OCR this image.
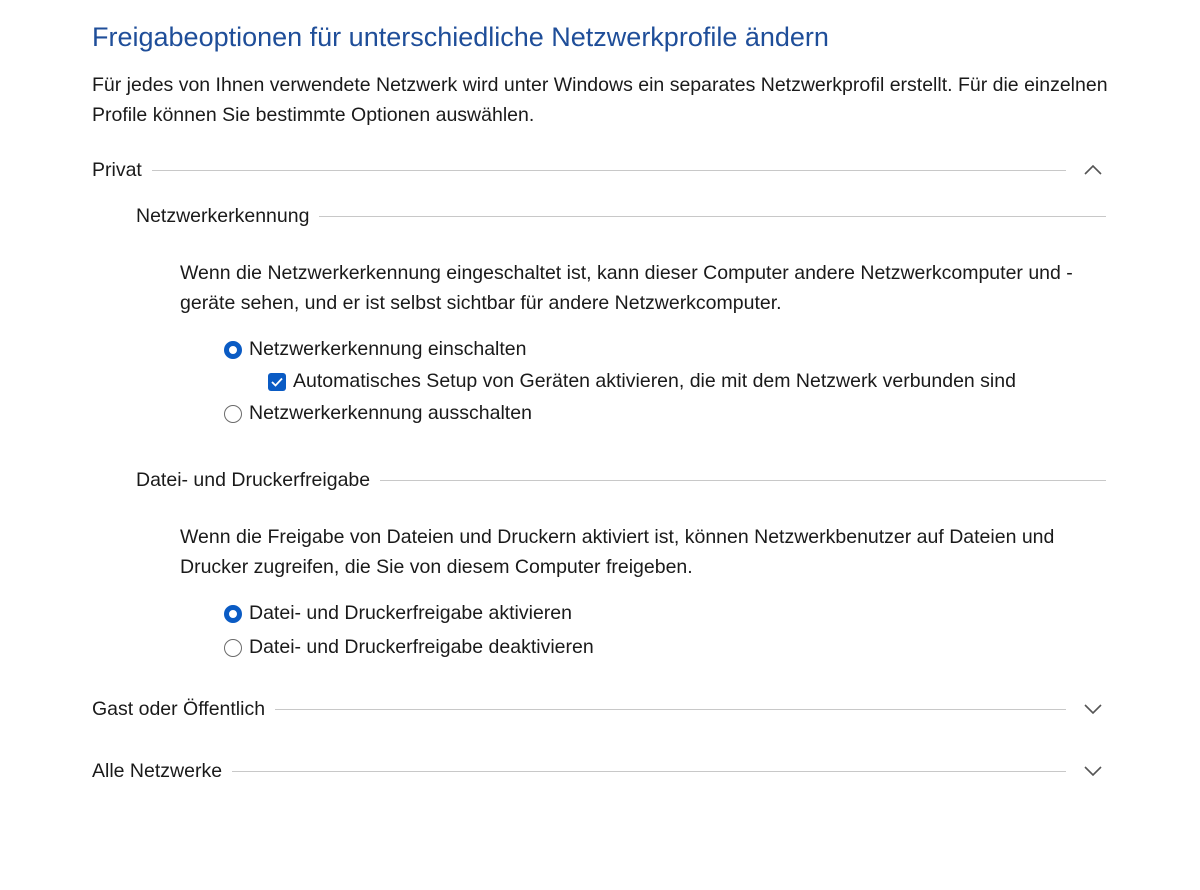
Freigabeoptionen für unterschiedliche Netzwerkprofile ändern

Für jedes von Ihnen verwendete Netzwerk wird unter Windows ein separates Netzwerkprofil erstellt. Für die einzelnen Profile können Sie bestimmte Optionen auswählen.

Privat
Netzwerkerkennung

Wenn die Netzwerkerkennung eingeschaltet ist, kann dieser Computer andere Netzwerkcomputer und -geräte sehen, und er ist selbst sichtbar für andere Netzwerkcomputer.

Netzwerkerkennung einschalten
Automatisches Setup von Geräten aktivieren, die mit dem Netzwerk verbunden sind
Netzwerkerkennung ausschalten
Datei- und Druckerfreigabe

Wenn die Freigabe von Dateien und Druckern aktiviert ist, können Netzwerkbenutzer auf Dateien und Drucker zugreifen, die Sie von diesem Computer freigeben.

Datei- und Druckerfreigabe aktivieren
Datei- und Druckerfreigabe deaktivieren
Gast oder Öffentlich
Alle Netzwerke
